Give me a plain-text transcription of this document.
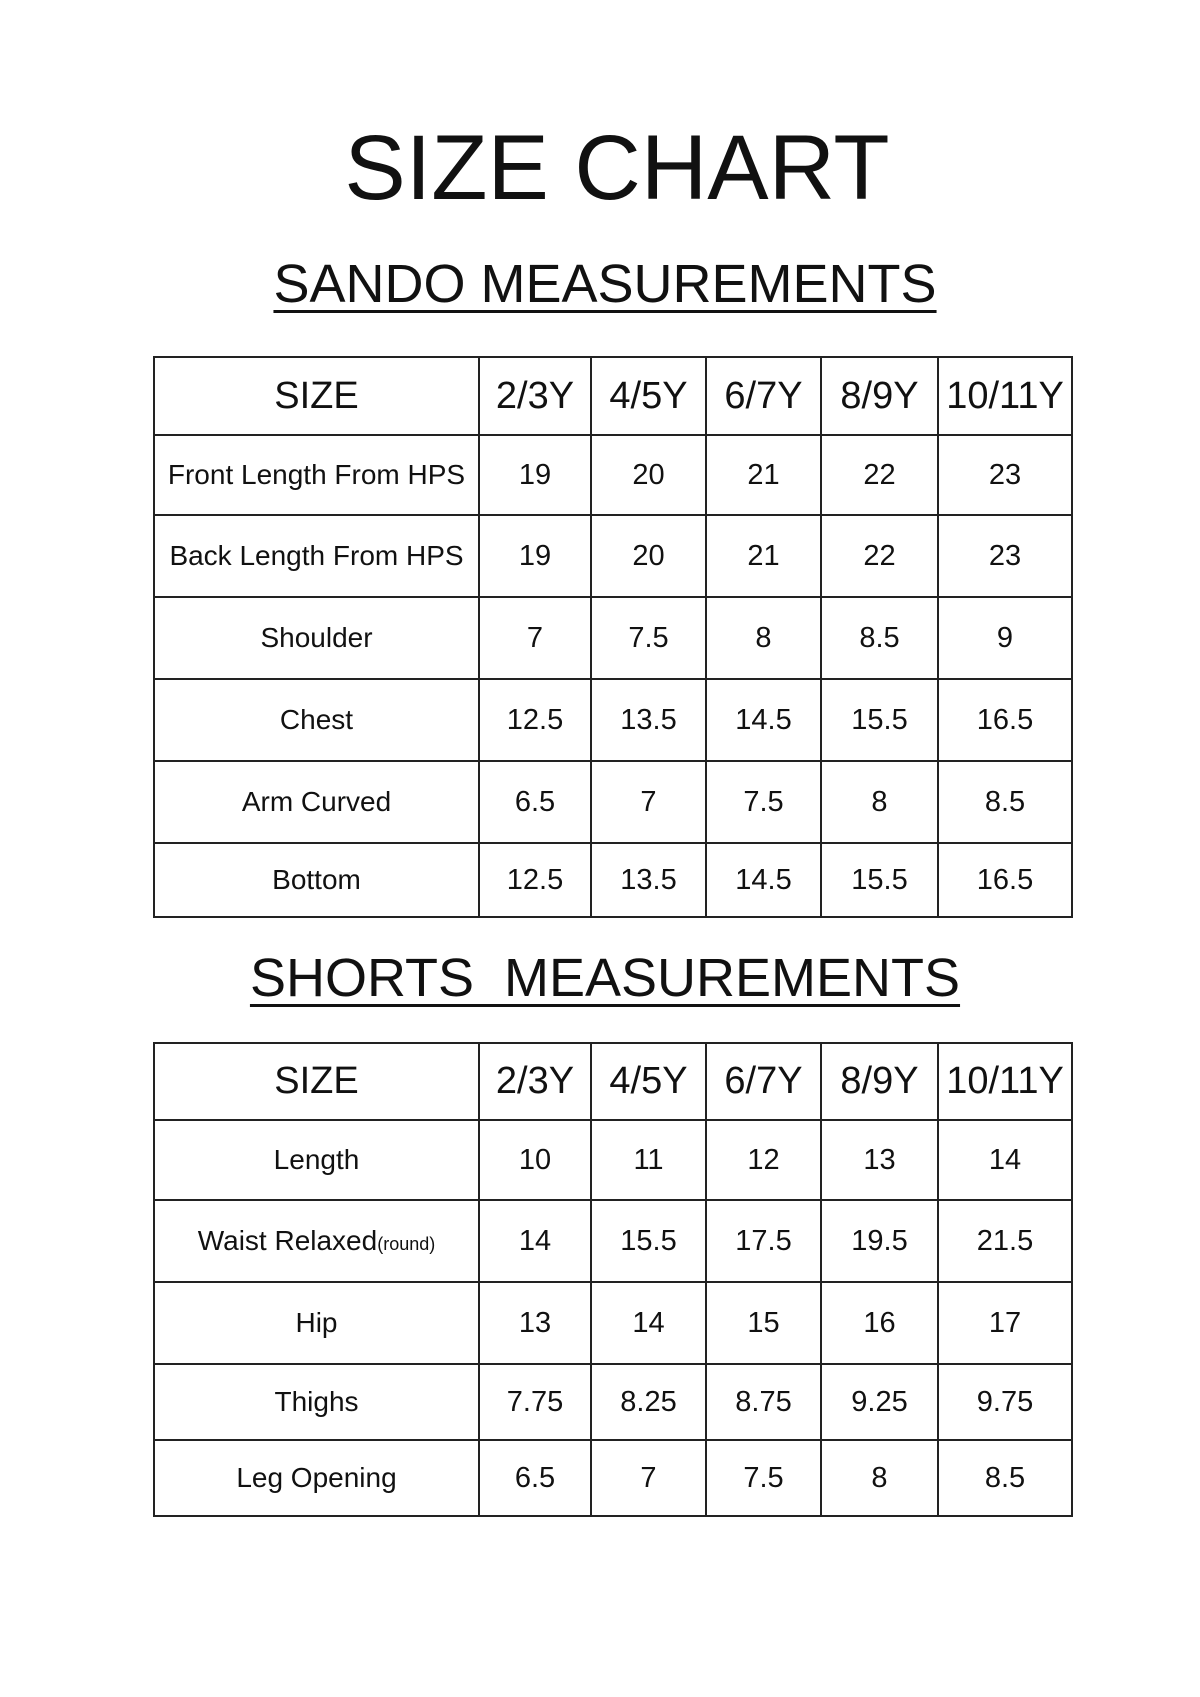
SIZE CHART
SANDO MEASUREMENTS
SIZE	2/3Y	4/5Y	6/7Y	8/9Y	10/11Y
Front Length From HPS	19	20	21	22	23
Back Length From HPS	19	20	21	22	23
Shoulder	7	7.5	8	8.5	9
Chest	12.5	13.5	14.5	15.5	16.5
Arm Curved	6.5	7	7.5	8	8.5
Bottom	12.5	13.5	14.5	15.5	16.5
SHORTS  MEASUREMENTS
SIZE	2/3Y	4/5Y	6/7Y	8/9Y	10/11Y
Length	10	11	12	13	14
Waist Relaxed(round)	14	15.5	17.5	19.5	21.5
Hip	13	14	15	16	17
Thighs	7.75	8.25	8.75	9.25	9.75
Leg Opening	6.5	7	7.5	8	8.5
